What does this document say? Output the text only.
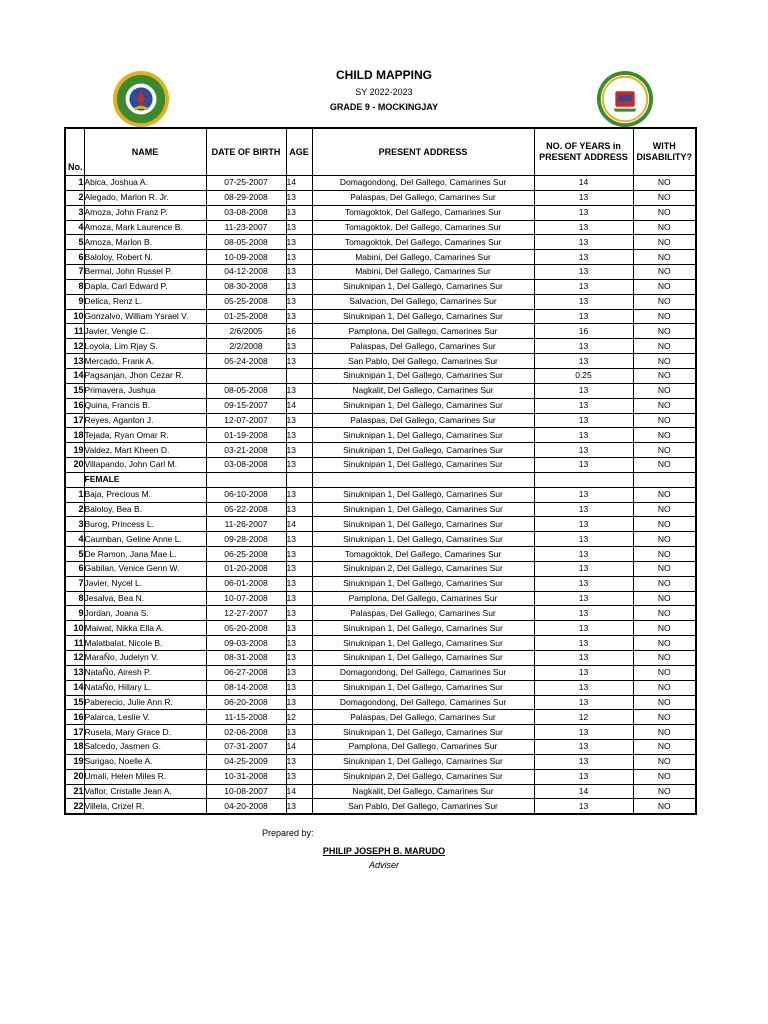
CHILD MAPPING
SY 2022-2023
GRADE 9 - MOCKINGJAY
No.	NAME	DATE OF BIRTH	AGE	PRESENT ADDRESS	NO. OF YEARS in PRESENT ADDRESS	WITH DISABILITY?
1	Abica, Joshua A.	07-25-2007	14	Domagondong, Del Gallego, Camarines Sur	14	NO
2	Alegado, Marlon R. Jr.	08-29-2008	13	Palaspas, Del Gallego, Camarines Sur	13	NO
3	Amoza, John Franz P.	03-08-2008	13	Tomagoktok, Del Gallego, Camarines Sur	13	NO
4	Amoza, Mark Laurence B.	11-23-2007	13	Tomagoktok, Del Gallego, Camarines Sur	13	NO
5	Amoza, Marlon B.	08-05-2008	13	Tomagoktok, Del Gallego, Camarines Sur	13	NO
6	Baloloy, Robert N.	10-09-2008	13	Mabini, Del Gallego, Camarines Sur	13	NO
7	Bermal, John Russel P.	04-12-2008	13	Mabini, Del Gallego, Camarines Sur	13	NO
8	Dapla, Carl Edward P.	08-30-2008	13	Sinuknipan 1, Del Gallego, Camarines Sur	13	NO
9	Delica, Renz L.	05-25-2008	13	Salvacion, Del Gallego, Camarines Sur	13	NO
10	Gonzalvo, William Ysrael V.	01-25-2008	13	Sinuknipan 1, Del Gallego, Camarines Sur	13	NO
11	Javier, Vengie C.	2/6/2005	16	Pamplona, Del Gallego, Camarines Sur	16	NO
12	Loyola, Lim Rjay S.	2/2/2008	13	Palaspas, Del Gallego, Camarines Sur	13	NO
13	Mercado, Frank A.	05-24-2008	13	San Pablo, Del Gallego, Camarines Sur	13	NO
14	Pagsanjan, Jhon Cezar R.			Sinuknipan 1, Del Gallego, Camarines Sur	0.25	NO
15	Primavera, Jushua	08-05-2008	13	Nagkalit, Del Gallego, Camarines Sur	13	NO
16	Quina, Francis B.	09-15-2007	14	Sinuknipan 1, Del Gallego, Camarines Sur	13	NO
17	Reyes, Aganton J.	12-07-2007	13	Palaspas, Del Gallego, Camarines Sur	13	NO
18	Tejada, Ryan Omar R.	01-19-2008	13	Sinuknipan 1, Del Gallego, Camarines Sur	13	NO
19	Valdez, Mart Kheen D.	03-21-2008	13	Sinuknipan 1, Del Gallego, Camarines Sur	13	NO
20	Villapando, John Carl M.	03-08-2008	13	Sinuknipan 1, Del Gallego, Camarines Sur	13	NO
	FEMALE					
1	Baja, Precious M.	06-10-2008	13	Sinuknipan 1, Del Gallego, Camarines Sur	13	NO
2	Baloloy, Bea B.	05-22-2008	13	Sinuknipan 1, Del Gallego, Camarines Sur	13	NO
3	Burog, Princess L.	11-26-2007	14	Sinuknipan 1, Del Gallego, Camarines Sur	13	NO
4	Caumban, Geline Anne L.	09-28-2008	13	Sinuknipan 1, Del Gallego, Camarines Sur	13	NO
5	De Ramon, Jana Mae L.	06-25-2008	13	Tomagoktok, Del Gallego, Camarines Sur	13	NO
6	Gabilan, Venice Genn W.	01-20-2008	13	Sinuknipan 2, Del Gallego, Camarines Sur	13	NO
7	Javier, Nycel L.	06-01-2008	13	Sinuknipan 1, Del Gallego, Camarines Sur	13	NO
8	Jesalva, Bea N.	10-07-2008	13	Pamplona, Del Gallego, Camarines Sur	13	NO
9	Jordan, Joana S.	12-27-2007	13	Palaspas, Del Gallego, Camarines Sur	13	NO
10	Maiwat, Nikka Ella A.	05-20-2008	13	Sinuknipan 1, Del Gallego, Camarines Sur	13	NO
11	Malatbalat, Nicole B.	09-03-2008	13	Sinuknipan 1, Del Gallego, Camarines Sur	13	NO
12	MaraÑo, Judelyn V.	08-31-2008	13	Sinuknipan 1, Del Gallego, Camarines Sur	13	NO
13	NataÑo, Airesh P.	06-27-2008	13	Domagondong, Del Gallego, Camarines Sur	13	NO
14	NataÑo, Hillary L.	08-14-2008	13	Sinuknipan 1, Del Gallego, Camarines Sur	13	NO
15	Paberecio, Julie Ann R.	06-20-2008	13	Domagondong, Del Gallego, Camarines Sur	13	NO
16	Palarca, Leslie V.	11-15-2008	12	Palaspas, Del Gallego, Camarines Sur	12	NO
17	Rusela, Mary Grace D.	02-06-2008	13	Sinuknipan 1, Del Gallego, Camarines Sur	13	NO
18	Salcedo, Jasmen G.	07-31-2007	14	Pamplona, Del Gallego, Camarines Sur	13	NO
19	Surigao, Noelle A.	04-25-2009	13	Sinuknipan 1, Del Gallego, Camarines Sur	13	NO
20	Umali, Helen Miles R.	10-31-2008	13	Sinuknipan 2, Del Gallego, Camarines Sur	13	NO
21	Vaflor, Cristalle Jean A.	10-08-2007	14	Nagkalit, Del Gallego, Camarines Sur	14	NO
22	Villela, Crizel R.	04-20-2008	13	San Pablo, Del Gallego, Camarines Sur	13	NO
Prepared by:
PHILIP JOSEPH B. MARUDO
Adviser
